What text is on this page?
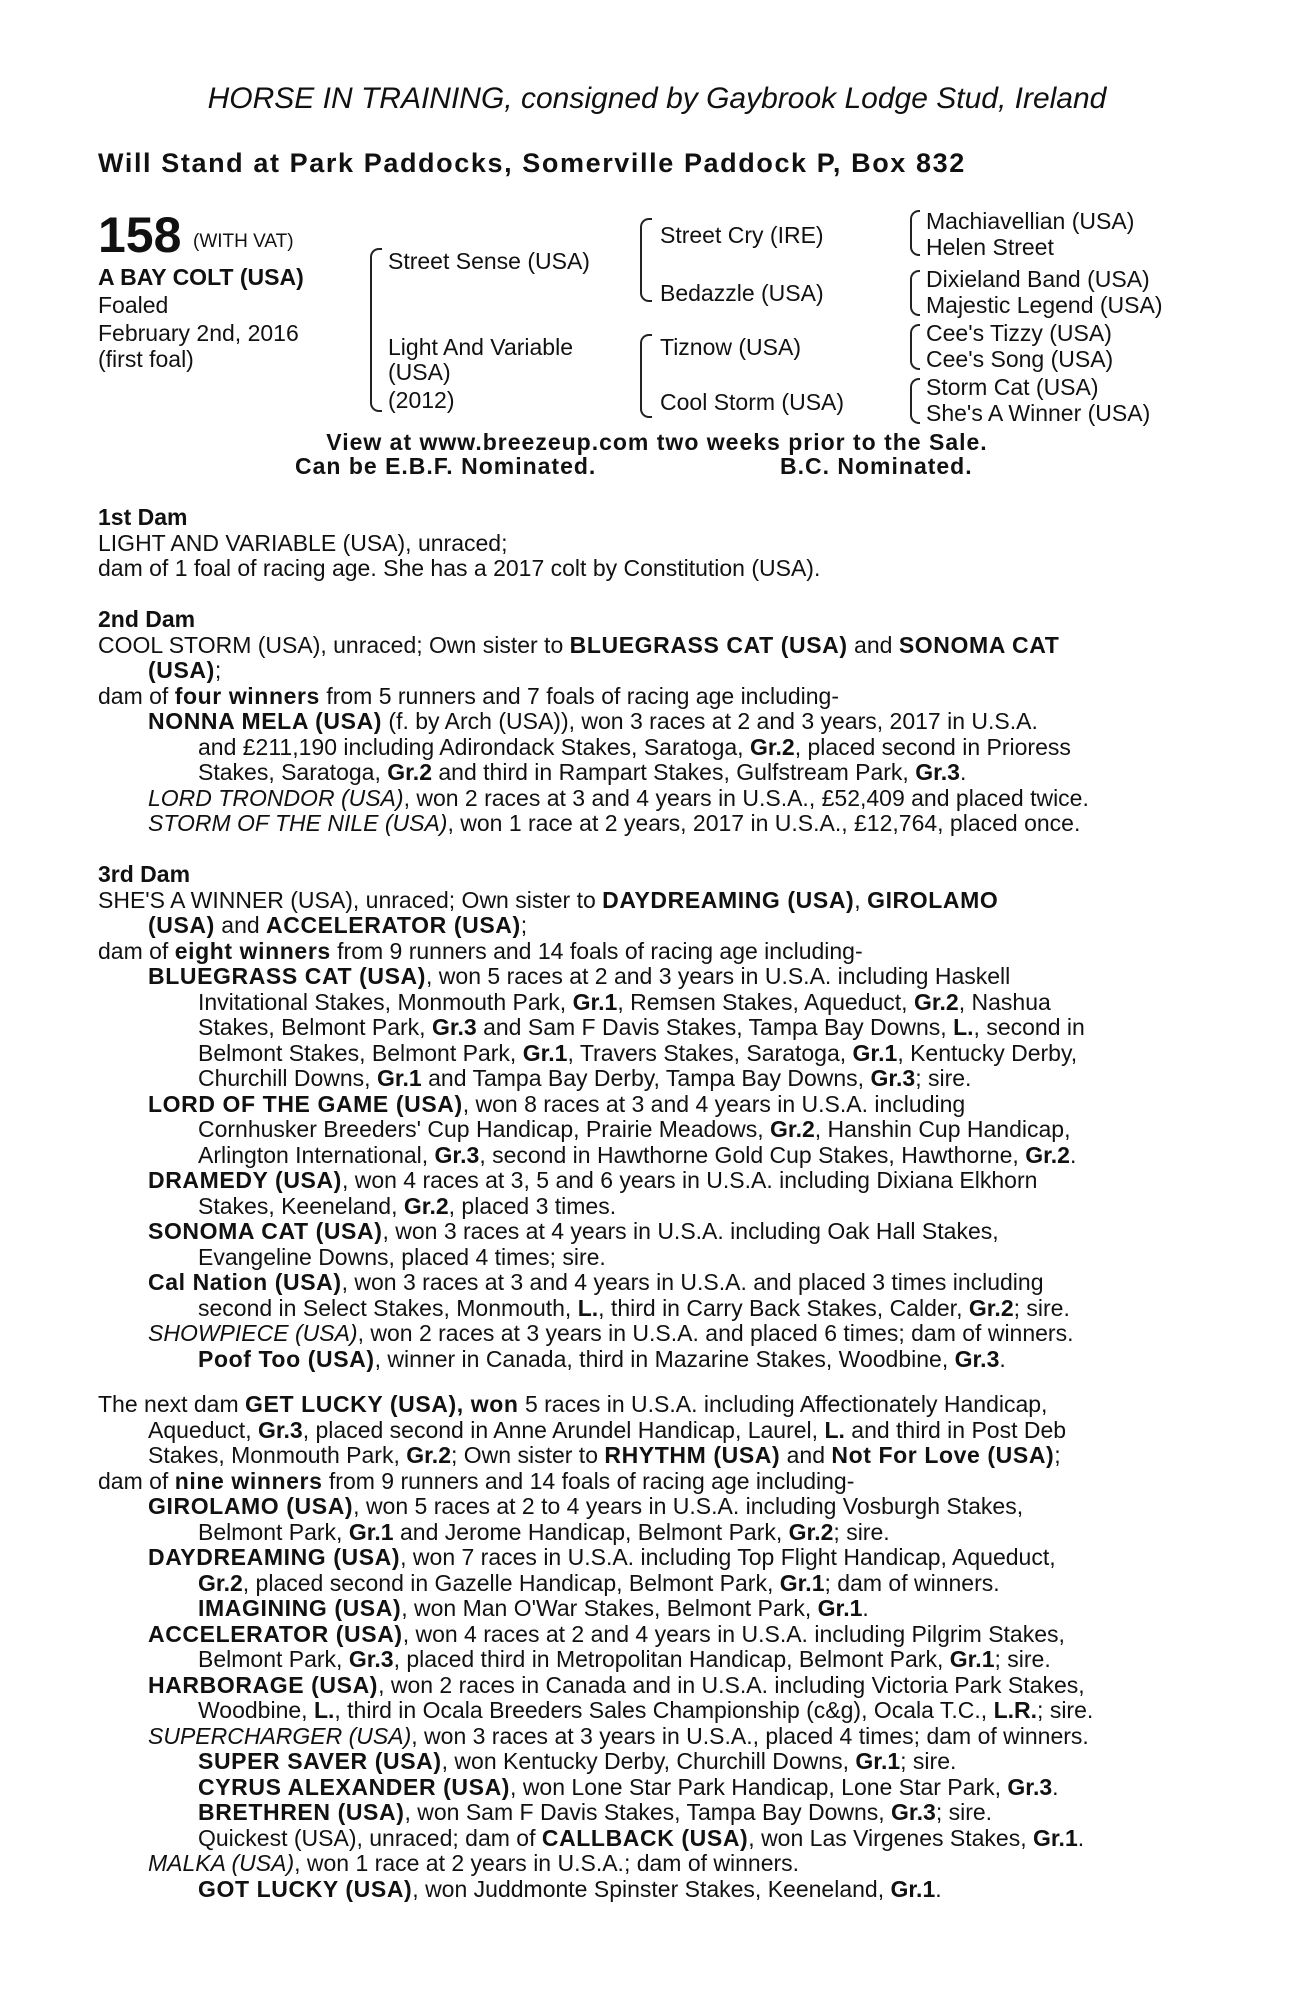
HORSE IN TRAINING, consigned by Gaybrook Lodge Stud, Ireland
Will Stand at Park Paddocks, Somerville Paddock P, Box 832
158 (WITH VAT)
A BAY COLT (USA)
Foaled
February 2nd, 2016
(first foal)
Street Sense (USA)
Light And Variable
(USA)
(2012)
Street Cry (IRE)
Bedazzle (USA)
Tiznow (USA)
Cool Storm (USA)
Machiavellian (USA)
Helen Street
Dixieland Band (USA)
Majestic Legend (USA)
Cee's Tizzy (USA)
Cee's Song (USA)
Storm Cat (USA)
She's A Winner (USA)
View at www.breezeup.com two weeks prior to the Sale.
Can be E.B.F. Nominated.	B.C. Nominated.
1st Dam
LIGHT AND VARIABLE (USA), unraced;
dam of 1 foal of racing age. She has a 2017 colt by Constitution (USA).
2nd Dam
COOL STORM (USA), unraced; Own sister to BLUEGRASS CAT (USA) and SONOMA CAT
(USA);
dam of four winners from 5 runners and 7 foals of racing age including-
NONNA MELA (USA) (f. by Arch (USA)), won 3 races at 2 and 3 years, 2017 in U.S.A.
and £211,190 including Adirondack Stakes, Saratoga, Gr.2, placed second in Prioress
Stakes, Saratoga, Gr.2 and third in Rampart Stakes, Gulfstream Park, Gr.3.
LORD TRONDOR (USA), won 2 races at 3 and 4 years in U.S.A., £52,409 and placed twice.
STORM OF THE NILE (USA), won 1 race at 2 years, 2017 in U.S.A., £12,764, placed once.
3rd Dam
SHE'S A WINNER (USA), unraced; Own sister to DAYDREAMING (USA), GIROLAMO
(USA) and ACCELERATOR (USA);
dam of eight winners from 9 runners and 14 foals of racing age including-
BLUEGRASS CAT (USA), won 5 races at 2 and 3 years in U.S.A. including Haskell
Invitational Stakes, Monmouth Park, Gr.1, Remsen Stakes, Aqueduct, Gr.2, Nashua
Stakes, Belmont Park, Gr.3 and Sam F Davis Stakes, Tampa Bay Downs, L., second in
Belmont Stakes, Belmont Park, Gr.1, Travers Stakes, Saratoga, Gr.1, Kentucky Derby,
Churchill Downs, Gr.1 and Tampa Bay Derby, Tampa Bay Downs, Gr.3; sire.
LORD OF THE GAME (USA), won 8 races at 3 and 4 years in U.S.A. including
Cornhusker Breeders' Cup Handicap, Prairie Meadows, Gr.2, Hanshin Cup Handicap,
Arlington International, Gr.3, second in Hawthorne Gold Cup Stakes, Hawthorne, Gr.2.
DRAMEDY (USA), won 4 races at 3, 5 and 6 years in U.S.A. including Dixiana Elkhorn
Stakes, Keeneland, Gr.2, placed 3 times.
SONOMA CAT (USA), won 3 races at 4 years in U.S.A. including Oak Hall Stakes,
Evangeline Downs, placed 4 times; sire.
Cal Nation (USA), won 3 races at 3 and 4 years in U.S.A. and placed 3 times including
second in Select Stakes, Monmouth, L., third in Carry Back Stakes, Calder, Gr.2; sire.
SHOWPIECE (USA), won 2 races at 3 years in U.S.A. and placed 6 times; dam of winners.
Poof Too (USA), winner in Canada, third in Mazarine Stakes, Woodbine, Gr.3.
The next dam GET LUCKY (USA), won 5 races in U.S.A. including Affectionately Handicap,
Aqueduct, Gr.3, placed second in Anne Arundel Handicap, Laurel, L. and third in Post Deb
Stakes, Monmouth Park, Gr.2; Own sister to RHYTHM (USA) and Not For Love (USA);
dam of nine winners from 9 runners and 14 foals of racing age including-
GIROLAMO (USA), won 5 races at 2 to 4 years in U.S.A. including Vosburgh Stakes,
Belmont Park, Gr.1 and Jerome Handicap, Belmont Park, Gr.2; sire.
DAYDREAMING (USA), won 7 races in U.S.A. including Top Flight Handicap, Aqueduct,
Gr.2, placed second in Gazelle Handicap, Belmont Park, Gr.1; dam of winners.
IMAGINING (USA), won Man O'War Stakes, Belmont Park, Gr.1.
ACCELERATOR (USA), won 4 races at 2 and 4 years in U.S.A. including Pilgrim Stakes,
Belmont Park, Gr.3, placed third in Metropolitan Handicap, Belmont Park, Gr.1; sire.
HARBORAGE (USA), won 2 races in Canada and in U.S.A. including Victoria Park Stakes,
Woodbine, L., third in Ocala Breeders Sales Championship (c&g), Ocala T.C., L.R.; sire.
SUPERCHARGER (USA), won 3 races at 3 years in U.S.A., placed 4 times; dam of winners.
SUPER SAVER (USA), won Kentucky Derby, Churchill Downs, Gr.1; sire.
CYRUS ALEXANDER (USA), won Lone Star Park Handicap, Lone Star Park, Gr.3.
BRETHREN (USA), won Sam F Davis Stakes, Tampa Bay Downs, Gr.3; sire.
Quickest (USA), unraced; dam of CALLBACK (USA), won Las Virgenes Stakes, Gr.1.
MALKA (USA), won 1 race at 2 years in U.S.A.; dam of winners.
GOT LUCKY (USA), won Juddmonte Spinster Stakes, Keeneland, Gr.1.
